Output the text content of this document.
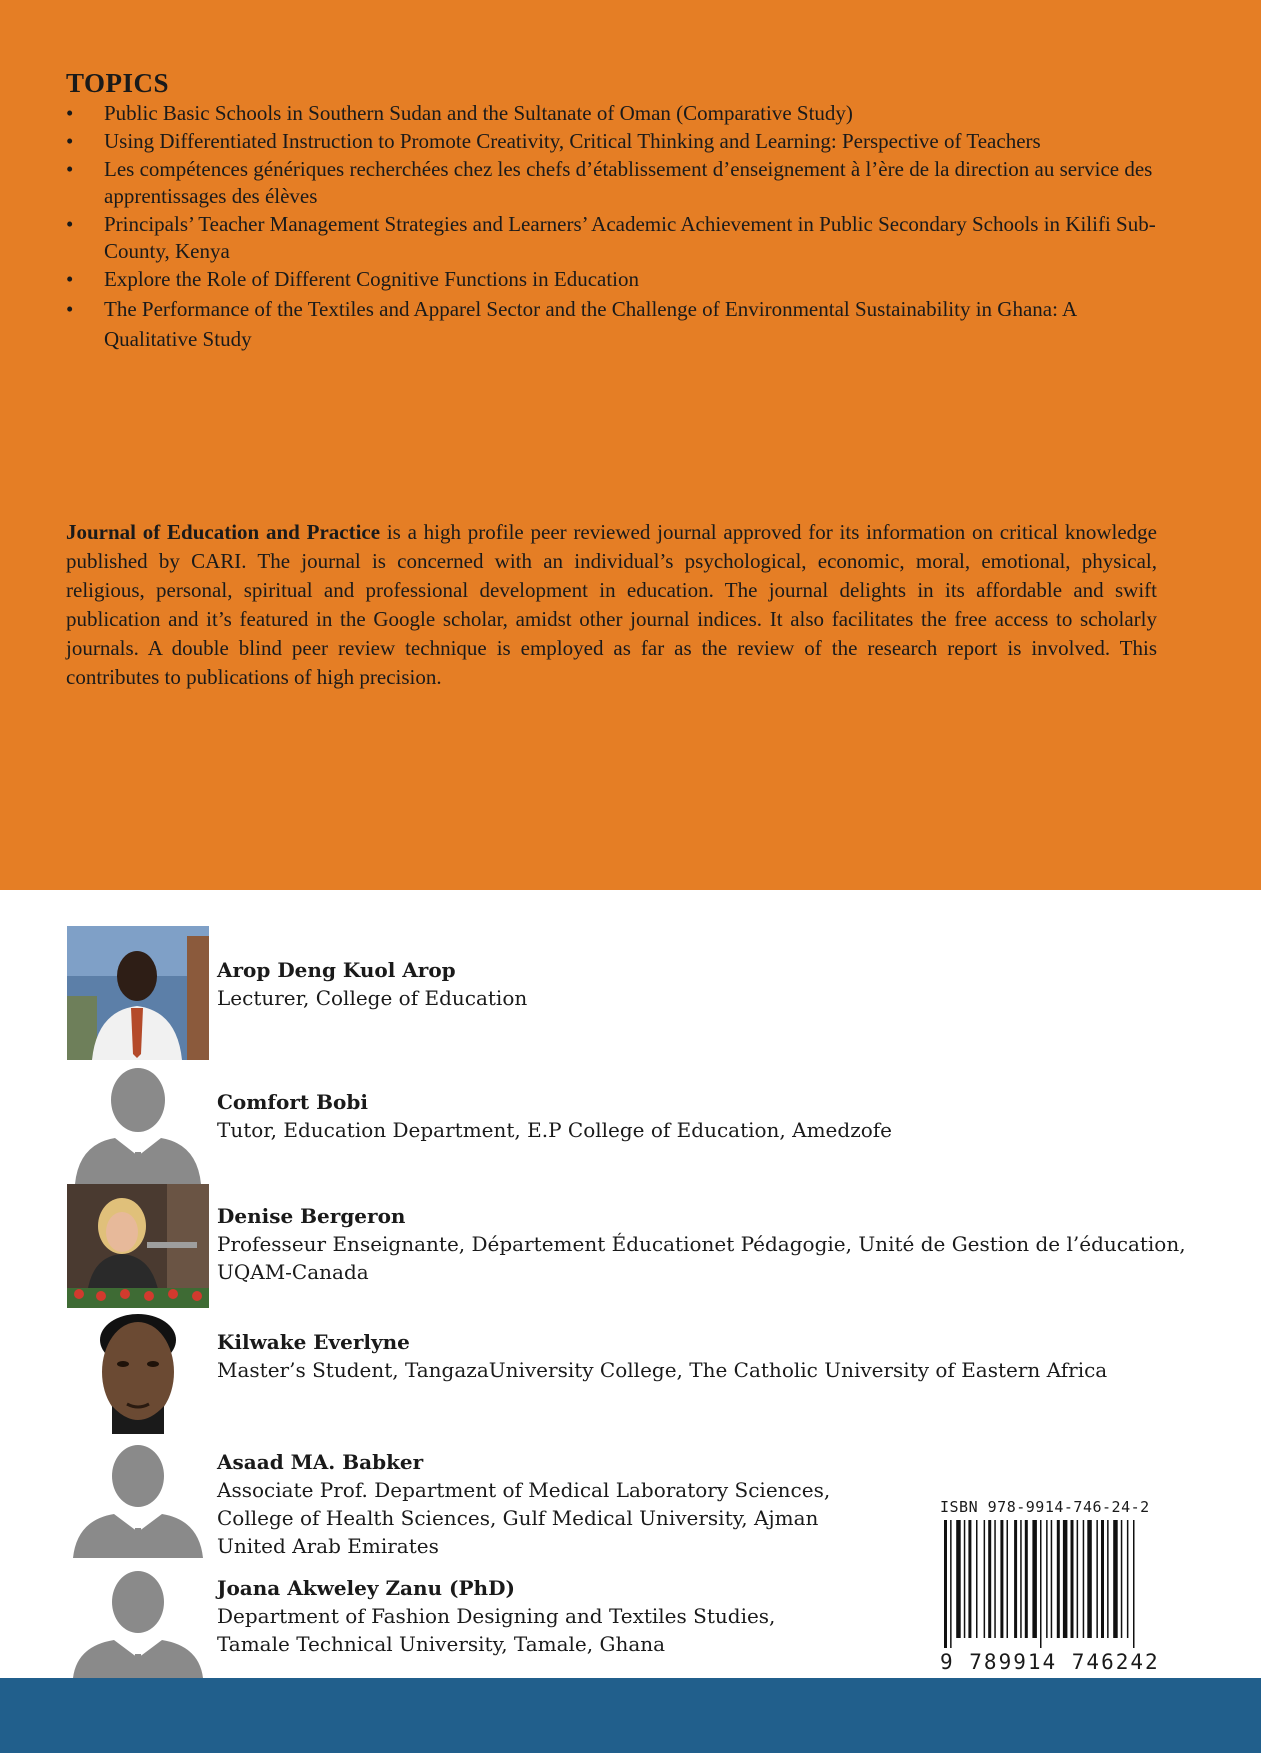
TOPICS
• Public Basic Schools in Southern Sudan and the Sultanate of Oman (Comparative Study)
• Using Differentiated Instruction to Promote Creativity, Critical Thinking and Learning: Perspective of Teachers
• Les compétences génériques recherchées chez les chefs d’établissement d’enseignement à l’ère de la direction au service des apprentissages des élèves
• Principals’ Teacher Management Strategies and Learners’ Academic Achievement in Public Secondary Schools in Kilifi Sub-County, Kenya
• Explore the Role of Different Cognitive Functions in Education
• The Performance of the Textiles and Apparel Sector and the Challenge of Environmental Sustainability in Ghana: A Qualitative Study

Journal of Education and Practice is a high profile peer reviewed journal approved for its information on critical knowledge published by CARI. The journal is concerned with an individual’s psychological, economic, moral, emotional, physical, religious, personal, spiritual and professional development in education. The journal delights in its affordable and swift publication and it’s featured in the Google scholar, amidst other journal indices. It also facilitates the free access to scholarly journals. A double blind peer review technique is employed as far as the review of the research report is involved. This contributes to publications of high precision.

Arop Deng Kuol Arop
Lecturer, College of Education
Comfort Bobi
Tutor, Education Department, E.P College of Education, Amedzofe
Denise Bergeron
Professeur Enseignante, Département Éducationet Pédagogie, Unité de Gestion de l’éducation,
UQAM-Canada
Kilwake Everlyne
Master’s Student, TangazaUniversity College, The Catholic University of Eastern Africa
Asaad MA. Babker
Associate Prof. Department of Medical Laboratory Sciences,
College of Health Sciences, Gulf Medical University, Ajman
United Arab Emirates
Joana Akweley Zanu (PhD)
Department of Fashion Designing and Textiles Studies,
Tamale Technical University, Tamale, Ghana
ISBN 978-9914-746-24-2
9 789914 746242
